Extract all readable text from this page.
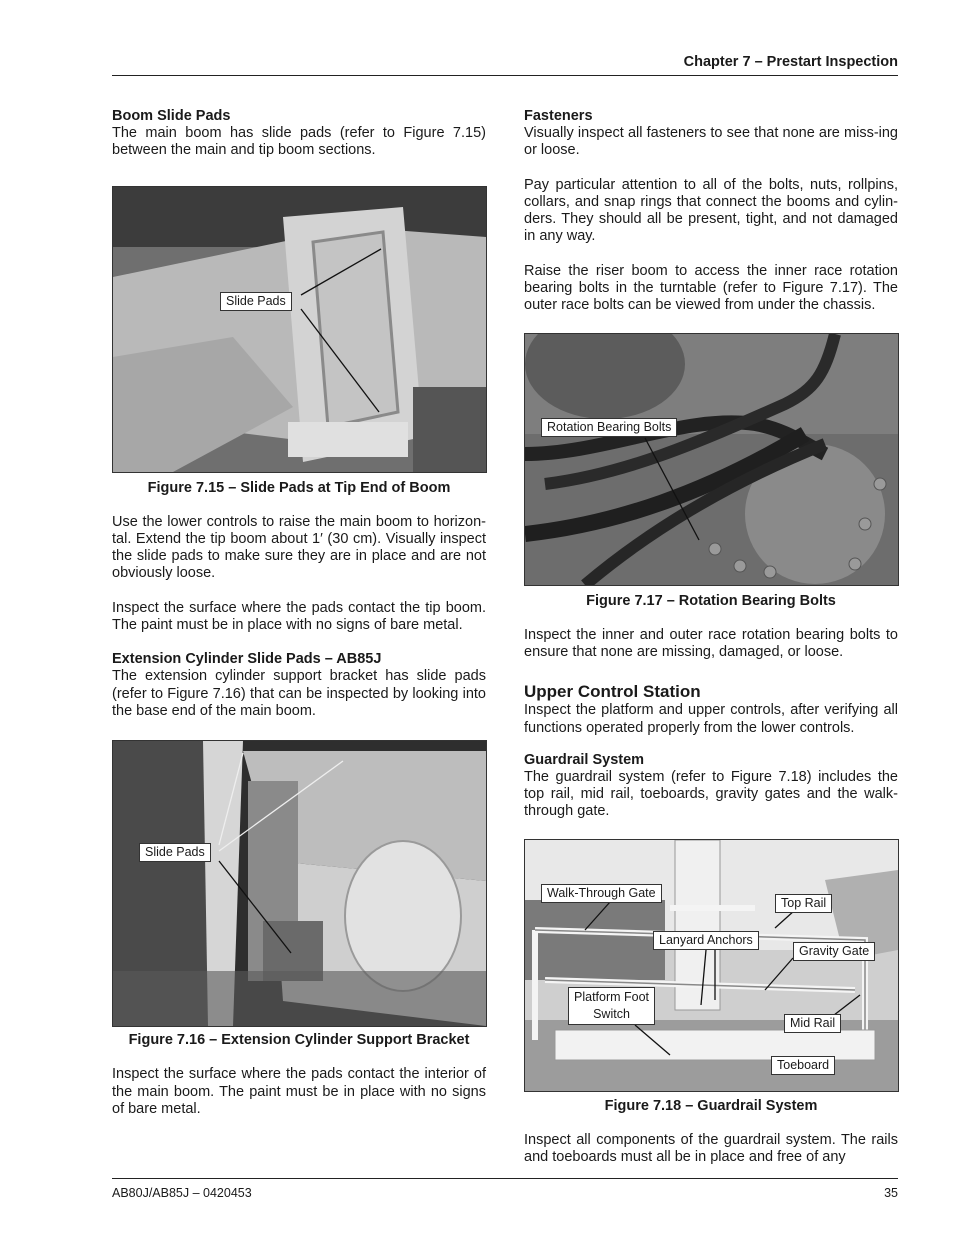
Chapter 7 – Prestart Inspection
Boom Slide Pads

The main boom has slide pads (refer to Figure 7.15) between the main and tip boom sections.

Slide Pads
Figure 7.15 – Slide Pads at Tip End of Boom

Use the lower controls to raise the main boom to horizon-tal. Extend the tip boom about 1′ (30 cm). Visually inspect the slide pads to make sure they are in place and are not obviously loose.

Inspect the surface where the pads contact the tip boom. The paint must be in place with no signs of bare metal.

Extension Cylinder Slide Pads – AB85J

The extension cylinder support bracket has slide pads (refer to Figure 7.16) that can be inspected by looking into the base end of the main boom.

Slide Pads
Figure 7.16 – Extension Cylinder Support Bracket

Inspect the surface where the pads contact the interior of the main boom. The paint must be in place with no signs of bare metal.

Fasteners

Visually inspect all fasteners to see that none are miss-ing or loose.

Pay particular attention to all of the bolts, nuts, rollpins, collars, and snap rings that connect the booms and cylin-ders. They should all be present, tight, and not damaged in any way.

Raise the riser boom to access the inner race rotation bearing bolts in the turntable (refer to Figure 7.17). The outer race bolts can be viewed from under the chassis.

Rotation Bearing Bolts
Figure 7.17 – Rotation Bearing Bolts

Inspect the inner and outer race rotation bearing bolts to ensure that none are missing, damaged, or loose.

Upper Control Station

Inspect the platform and upper controls, after verifying all functions operated properly from the lower controls.

Guardrail System

The guardrail system (refer to Figure 7.18) includes the top rail, mid rail, toeboards, gravity gates and the walk-through gate.

Walk-Through Gate
Top Rail
Lanyard Anchors
Gravity Gate
Platform Foot
Switch
Mid Rail
Toeboard
Figure 7.18 – Guardrail System

Inspect all components of the guardrail system. The rails and toeboards must all be in place and free of any

AB80J/AB85J – 0420453	35
